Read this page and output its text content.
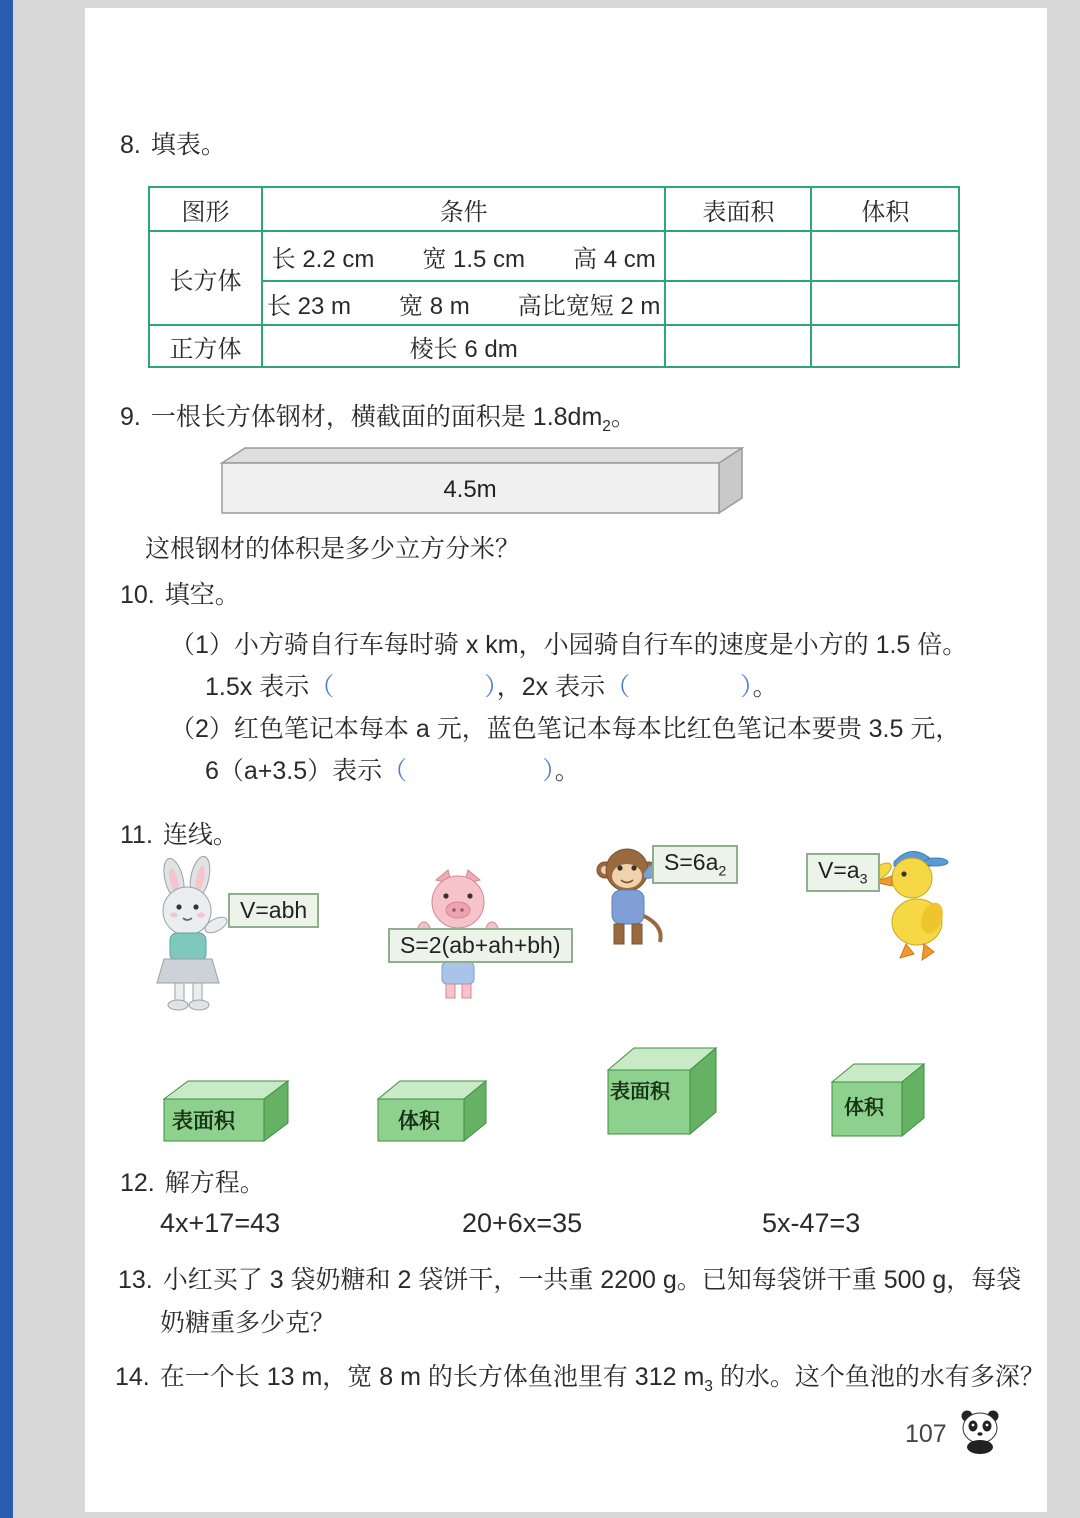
8. 填表。
图形	条件	表面积	体积
长方体	长 2.2 cm　　宽 1.5 cm　　高 4 cm		
	长 23 m　　宽 8 m　　高比宽短 2 m		
正方体	棱长 6 dm		
9. 一根长方体钢材，横截面的面积是 $1.8dm_2$。
4.5m
这根钢材的体积是多少立方分米？
10. 填空。
（1）小方骑自行车每时骑 x km，小园骑自行车的速度是小方的 1.5 倍。
1.5x 表示（	），2x 表示（	）。
（2）红色笔记本每本 a 元，蓝色笔记本每本比红色笔记本要贵 3.5 元，
6（a+3.5）表示（	）。
11. 连线。
V=abh
S=2(ab+ah+bh)
$S=6a_2$	$V=a_3$
表面积	体积
表面积
体积
12. 解方程。
4x+17=43	20+6x=35	5x-47=3
13. 小红买了 3 袋奶糖和 2 袋饼干，一共重 2200 g。已知每袋饼干重 500 g，每袋
奶糖重多少克？
14. 在一个长 13 m，宽 8 m 的长方体鱼池里有 312 $m_3$ 的水。这个鱼池的水有多深？
107
